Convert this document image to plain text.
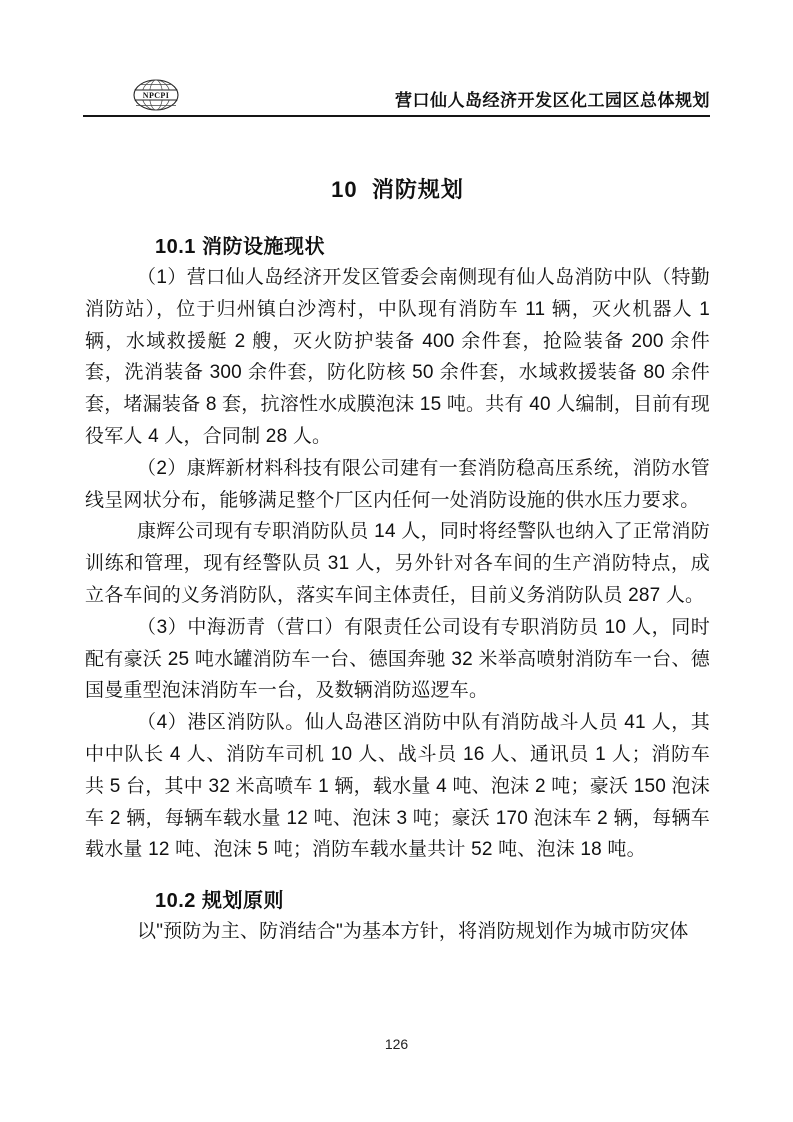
NPCPI	营口仙人岛经济开发区化工园区总体规划
10  消防规划
10.1 消防设施现状

（1）营口仙人岛经济开发区管委会南侧现有仙人岛消防中队（特勤消防站），位于归州镇白沙湾村，中队现有消防车 11 辆，灭火机器人 1 辆，水域救援艇 2 艘，灭火防护装备 400 余件套，抢险装备 200 余件套，洗消装备 300 余件套，防化防核 50 余件套，水域救援装备 80 余件套，堵漏装备 8 套，抗溶性水成膜泡沫 15 吨。共有 40 人编制，目前有现役军人 4 人，合同制 28 人。

（2）康辉新材料科技有限公司建有一套消防稳高压系统，消防水管线呈网状分布，能够满足整个厂区内任何一处消防设施的供水压力要求。

康辉公司现有专职消防队员 14 人，同时将经警队也纳入了正常消防训练和管理，现有经警队员 31 人，另外针对各车间的生产消防特点，成立各车间的义务消防队，落实车间主体责任，目前义务消防队员 287 人。

（3）中海沥青（营口）有限责任公司设有专职消防员 10 人，同时配有豪沃 25 吨水罐消防车一台、德国奔驰 32 米举高喷射消防车一台、德国曼重型泡沫消防车一台，及数辆消防巡逻车。

（4）港区消防队。仙人岛港区消防中队有消防战斗人员 41 人，其中中队长 4 人、消防车司机 10 人、战斗员 16 人、通讯员 1 人；消防车共 5 台，其中 32 米高喷车 1 辆，载水量 4 吨、泡沫 2 吨；豪沃 150 泡沫车 2 辆，每辆车载水量 12 吨、泡沫 3 吨；豪沃 170 泡沫车 2 辆，每辆车载水量 12 吨、泡沫 5 吨；消防车载水量共计 52 吨、泡沫 18 吨。

10.2 规划原则

以"预防为主、防消结合"为基本方针，将消防规划作为城市防灾体

126
